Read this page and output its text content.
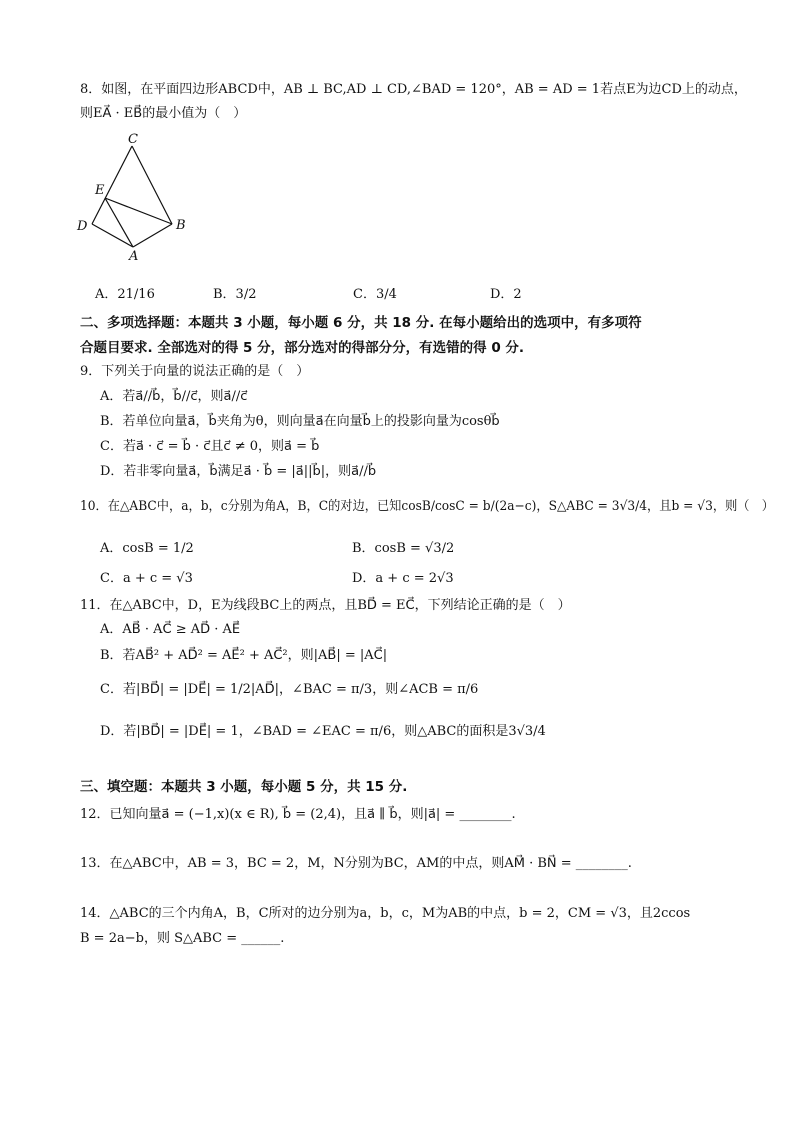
8．如图，在平面四边形ABCD中，AB ⊥ BC,AD ⊥ CD,∠BAD = 120°，AB = AD = 1若点E为边CD上的动点，
则EA⃗ · EB⃗的最小值为（　）
C
E
D	B
A
A．21/16	B．3/2	C．3/4	D．2
二、多项选择题：本题共 3 小题，每小题 6 分，共 18 分. 在每小题给出的选项中，有多项符
合题目要求. 全部选对的得 5 分，部分选对的得部分分，有选错的得 0 分.
9．下列关于向量的说法正确的是（　）
A．若a⃗//b⃗，b⃗//c⃗，则a⃗//c⃗
B．若单位向量a⃗，b⃗夹角为θ，则向量a⃗在向量b⃗上的投影向量为cosθb⃗
C．若a⃗ · c⃗ = b⃗ · c⃗且c⃗ ≠ 0，则a⃗ = b⃗
D．若非零向量a⃗，b⃗满足a⃗ · b⃗ = |a⃗||b⃗|，则a⃗//b⃗
10．在△ABC中，a，b，c分别为角A，B，C的对边，已知cosB/cosC = b/(2a−c)，S△ABC = 3√3/4，且b = √3，则（　）
A．cosB = 1/2	B．cosB = √3/2
C．a + c = √3	D．a + c = 2√3
11．在△ABC中，D，E为线段BC上的两点，且BD⃗ = EC⃗，下列结论正确的是（　）
A．AB⃗ · AC⃗ ≥ AD⃗ · AE⃗
B．若AB⃗² + AD⃗² = AE⃗² + AC⃗²，则|AB⃗| = |AC⃗|
C．若|BD⃗| = |DE⃗| = 1/2|AD⃗|，∠BAC = π/3，则∠ACB = π/6
D．若|BD⃗| = |DE⃗| = 1，∠BAD = ∠EAC = π/6，则△ABC的面积是3√3/4
三、填空题：本题共 3 小题，每小题 5 分，共 15 分.
12．已知向量a⃗ = (−1,x)(x ∈ R), b⃗ = (2,4)，且a⃗ ∥ b⃗，则|a⃗| = ________.
13．在△ABC中，AB = 3，BC = 2，M，N分别为BC，AM的中点，则AM⃗ · BN⃗ = ________.
14．△ABC的三个内角A，B，C所对的边分别为a，b，c，M为AB的中点，b = 2，CM = √3，且2ccos
B = 2a−b，则 S△ABC = ______.
